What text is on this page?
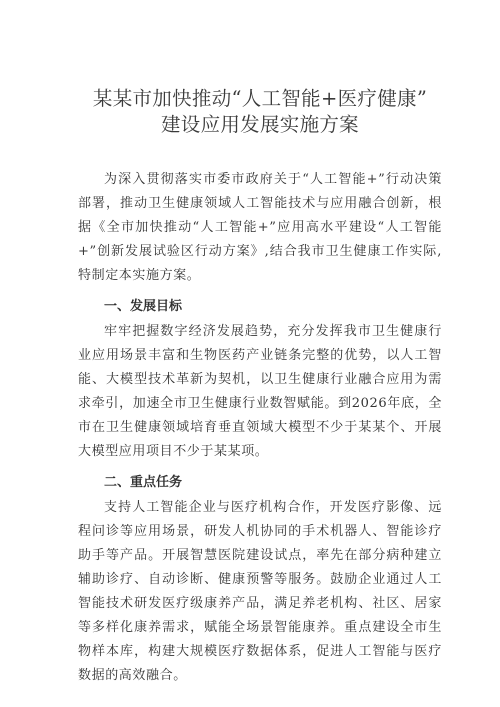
某某市加快推动“人工智能+医疗健康”
建设应用发展实施方案

为深入贯彻落实市委市政府关于“人工智能+”行动决策部署，推动卫生健康领域人工智能技术与应用融合创新，根据《全市加快推动“人工智能+”应用高水平建设“人工智能+”创新发展试验区行动方案》,结合我市卫生健康工作实际,特制定本实施方案。

一、发展目标

牢牢把握数字经济发展趋势，充分发挥我市卫生健康行业应用场景丰富和生物医药产业链条完整的优势，以人工智能、大模型技术革新为契机，以卫生健康行业融合应用为需求牵引，加速全市卫生健康行业数智赋能。到2026年底，全市在卫生健康领域培育垂直领域大模型不少于某某个、开展大模型应用项目不少于某某项。

二、重点任务

支持人工智能企业与医疗机构合作，开发医疗影像、远程问诊等应用场景，研发人机协同的手术机器人、智能诊疗助手等产品。开展智慧医院建设试点，率先在部分病种建立辅助诊疗、自动诊断、健康预警等服务。鼓励企业通过人工智能技术研发医疗级康养产品，满足养老机构、社区、居家等多样化康养需求，赋能全场景智能康养。重点建设全市生物样本库，构建大规模医疗数据体系，促进人工智能与医疗数据的高效融合。
